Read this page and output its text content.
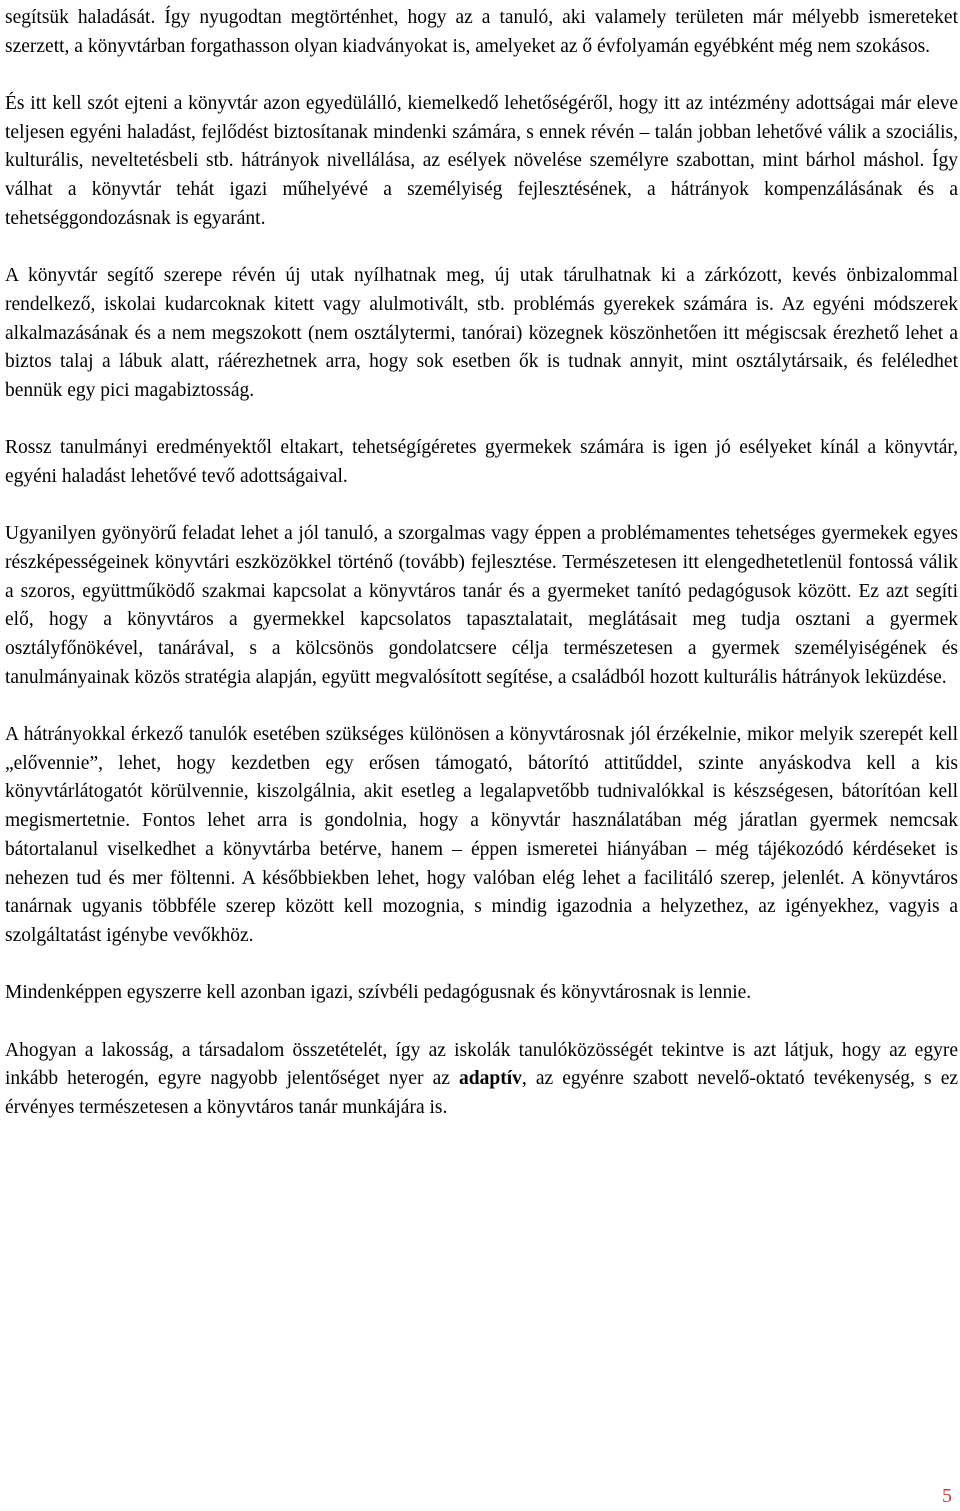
segítsük haladását. Így nyugodtan megtörténhet, hogy az a tanuló, aki valamely területen már mélyebb ismereteket szerzett, a könyvtárban forgathasson olyan kiadványokat is, amelyeket az ő évfolyamán egyébként még nem szokásos.

És itt kell szót ejteni a könyvtár azon egyedülálló, kiemelkedő lehetőségéről, hogy itt az intézmény adottságai már eleve teljesen egyéni haladást, fejlődést biztosítanak mindenki számára, s ennek révén – talán jobban lehetővé válik a szociális, kulturális, neveltetésbeli stb. hátrányok nivellálása, az esélyek növelése személyre szabottan, mint bárhol máshol. Így válhat a könyvtár tehát igazi műhelyévé a személyiség fejlesztésének, a hátrányok kompenzálásának és a tehetséggondozásnak is egyaránt.

A könyvtár segítő szerepe révén új utak nyílhatnak meg, új utak tárulhatnak ki a zárkózott, kevés önbizalommal rendelkező, iskolai kudarcoknak kitett vagy alulmotivált, stb. problémás gyerekek számára is. Az egyéni módszerek alkalmazásának és a nem megszokott (nem osztálytermi, tanórai) közegnek köszönhetően itt mégiscsak érezhető lehet a biztos talaj a lábuk alatt, ráérezhetnek arra, hogy sok esetben ők is tudnak annyit, mint osztálytársaik, és feléledhet bennük egy pici magabiztosság.

Rossz tanulmányi eredményektől eltakart, tehetségígéretes gyermekek számára is igen jó esélyeket kínál a könyvtár, egyéni haladást lehetővé tevő adottságaival.

Ugyanilyen gyönyörű feladat lehet a jól tanuló, a szorgalmas vagy éppen a problémamentes tehetséges gyermekek egyes részképességeinek könyvtári eszközökkel történő (tovább) fejlesztése. Természetesen itt elengedhetetlenül fontossá válik a szoros, együttműködő szakmai kapcsolat a könyvtáros tanár és a gyermeket tanító pedagógusok között. Ez azt segíti elő, hogy a könyvtáros a gyermekkel kapcsolatos tapasztalatait, meglátásait meg tudja osztani a gyermek osztályfőnökével, tanárával, s a kölcsönös gondolatcsere célja természetesen a gyermek személyiségének és tanulmányainak közös stratégia alapján, együtt megvalósított segítése, a családból hozott kulturális hátrányok leküzdése.

A hátrányokkal érkező tanulók esetében szükséges különösen a könyvtárosnak jól érzékelnie, mikor melyik szerepét kell „elővennie”, lehet, hogy kezdetben egy erősen támogató, bátorító attitűddel, szinte anyáskodva kell a kis könyvtárlátogatót körülvennie, kiszolgálnia, akit esetleg a legalapvetőbb tudnivalókkal is készségesen, bátorítóan kell megismertetnie. Fontos lehet arra is gondolnia, hogy a könyvtár használatában még járatlan gyermek nemcsak bátortalanul viselkedhet a könyvtárba betérve, hanem – éppen ismeretei hiányában – még tájékozódó kérdéseket is nehezen tud és mer föltenni. A későbbiekben lehet, hogy valóban elég lehet a facilitáló szerep, jelenlét. A könyvtáros tanárnak ugyanis többféle szerep között kell mozognia, s mindig igazodnia a helyzethez, az igényekhez, vagyis a szolgáltatást igénybe vevőkhöz.

Mindenképpen egyszerre kell azonban igazi, szívbéli pedagógusnak és könyvtárosnak is lennie.

Ahogyan a lakosság, a társadalom összetételét, így az iskolák tanulóközösségét tekintve is azt látjuk, hogy az egyre inkább heterogén, egyre nagyobb jelentőséget nyer az adaptív, az egyénre szabott nevelő-oktató tevékenység, s ez érvényes természetesen a könyvtáros tanár munkájára is.

5
